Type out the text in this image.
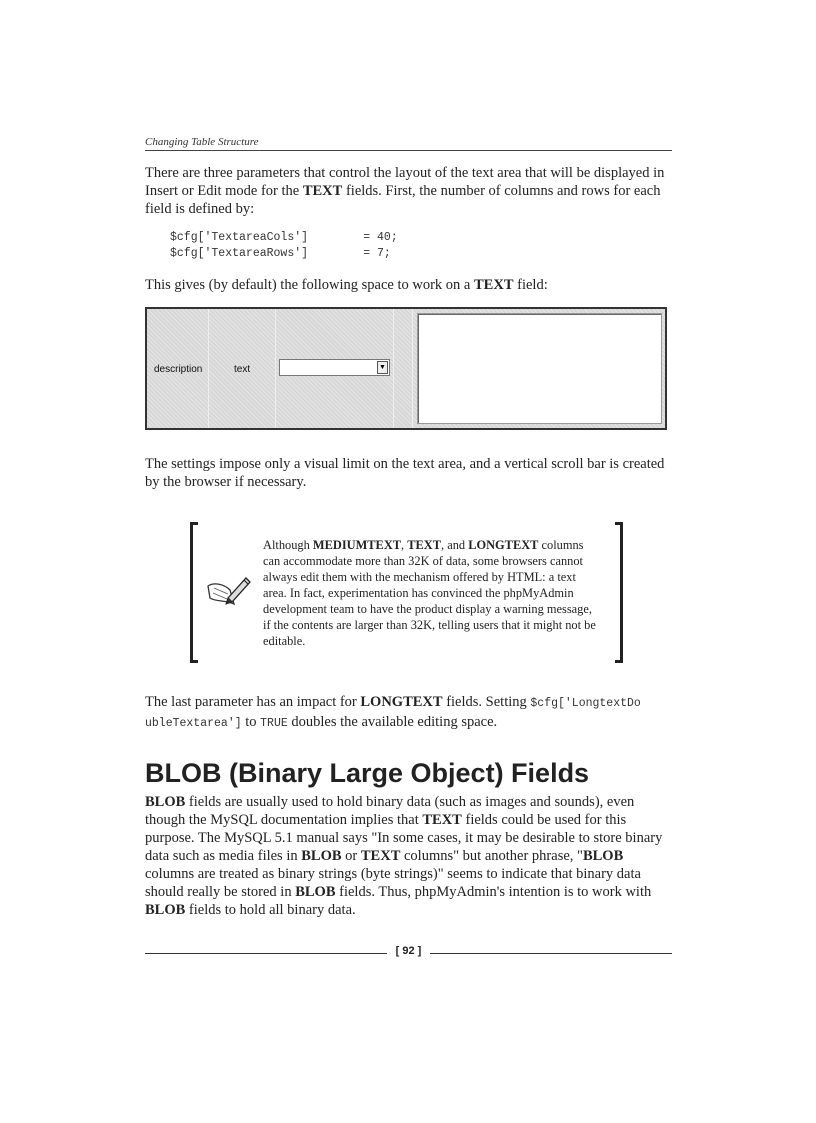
Changing Table Structure
There are three parameters that control the layout of the text area that will be displayed in Insert or Edit mode for the TEXT fields. First, the number of columns and rows for each field is defined by:
$cfg['TextareaCols']        = 40;
$cfg['TextareaRows']        = 7;
This gives (by default) the following space to work on a TEXT field:
description	text	▼
The settings impose only a visual limit on the text area, and a vertical scroll bar is created by the browser if necessary.
Although MEDIUMTEXT, TEXT, and LONGTEXT columns can accommodate more than 32K of data, some browsers cannot always edit them with the mechanism offered by HTML: a text area. In fact, experimentation has convinced the phpMyAdmin development team to have the product display a warning message, if the contents are larger than 32K, telling users that it might not be editable.
The last parameter has an impact for LONGTEXT fields. Setting $cfg['LongtextDo ubleTextarea'] to TRUE doubles the available editing space.
BLOB (Binary Large Object) Fields
BLOB fields are usually used to hold binary data (such as images and sounds), even though the MySQL documentation implies that TEXT fields could be used for this purpose. The MySQL 5.1 manual says "In some cases, it may be desirable to store binary data such as media files in BLOB or TEXT columns" but another phrase, "BLOB columns are treated as binary strings (byte strings)" seems to indicate that binary data should really be stored in BLOB fields. Thus, phpMyAdmin's intention is to work with BLOB fields to hold all binary data.
[ 92 ]
